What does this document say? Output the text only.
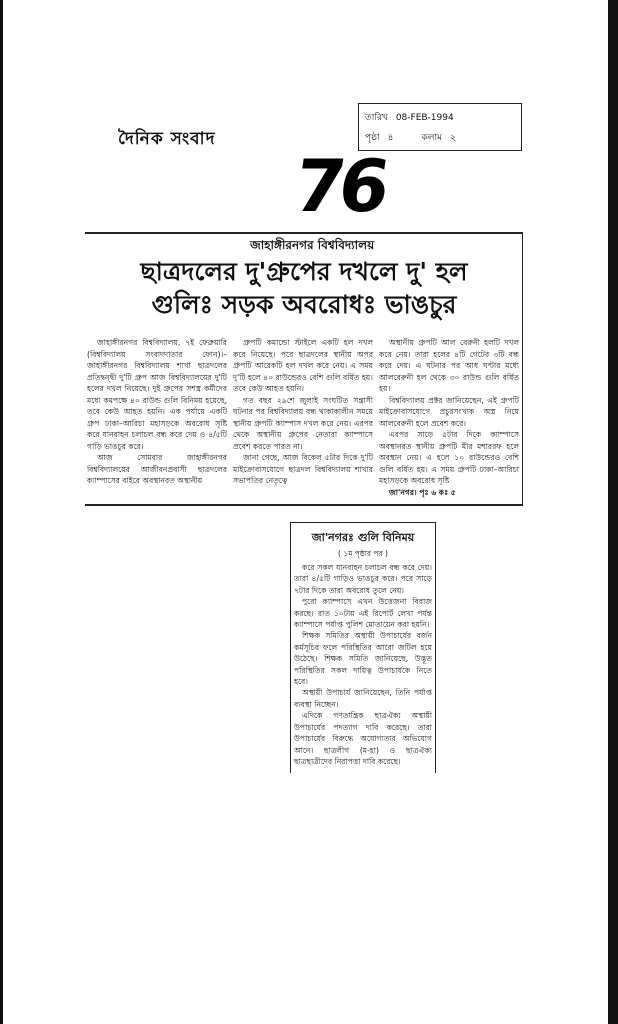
দৈনিক সংবাদ
তারিখ 08-FEB-1994
পৃষ্ঠা ৪	কলাম ২
76
জাহাঙ্গীরনগর বিশ্ববিদ্যালয়
ছাত্রদলের দু'গ্রুপের দখলে দু' হল
গুলিঃ সড়ক অবরোধঃ ভাঙচুর

জাহাঙ্গীরনগর বিশ্ববিদ্যালয়, ৭ই ফেব্রুয়ারি (বিশ্ববিদ্যালয় সংবাদদাতার ফোন)।– জাহাঙ্গীরনগর বিশ্ববিদ্যালয় শাখা ছাত্রদলের প্রতিদ্বন্দ্বী দু'টি গ্রুপ আজ বিশ্ববিদ্যালয়ের দু'টি হলের দখল নিয়েছে। দুই গ্রুপের সশস্ত্র কর্মীদের মধ্যে কমপক্ষে ৪০ রাউন্ড গুলি বিনিময় হয়েছে, তবে কেউ আহত হয়নি। এক পর্যায়ে একটি গ্রুপ ঢাকা–আরিচা মহাসড়কে অবরোধ সৃষ্টি করে যানবাহন চলাচল বন্ধ করে দেয় ও ৪/৫টি গাড়ি ভাঙচুর করে।

আজ সোমবার জাহাঙ্গীরনগর বিশ্ববিদ্যালয়ের আজীবনপ্রবাসী ছাত্রদলের ক্যাম্পাসের বাইরে অবস্থানরত অস্থানীয়

গ্রুপটি কমান্ডো স্টাইলে একটি হল দখল করে নিয়েছে। পরে ছাত্রদলের স্থানীয় অপর গ্রুপটি আরেকটি হল দখল করে নেয়। এ সময় দু'টি হলে ৪০ রাউন্ডেরও বেশি গুলি বর্ষিত হয়। তবে কেউ আহত হয়নি।

গত বছর ২৯শে জুলাই সংঘটিত সন্ত্রাসী ঘটনার পর বিশ্ববিদ্যালয় বন্ধ থাকাকালীন সময়ে স্থানীয় গ্রুপটি ক্যাম্পাস দখল করে নেয়। এরপর থেকে অস্থানীয় গ্রুপের নেতারা ক্যাম্পাসে প্রবেশ করতে পারত না।

জানা গেছে, আজ বিকেল ৫টার দিকে দু'টি মাইক্রোবাসযোগে ছাত্রদল বিশ্ববিদ্যালয় শাখার সভাপতির নেতৃত্বে

অস্থানীয় গ্রুপটি আল বেরুনী হলটি দখল করে নেয়। তারা হলের ৪টি গেটের ৩টি বন্ধ করে দেয়। এ ঘটনার পর আধ ঘণ্টার মধ্যে আলবেরুনী হল থেকে ৩০ রাউন্ড গুলি বর্ষিত হয়।

বিশ্ববিদ্যালয় প্রক্টর জানিয়েছেন, এই গ্রুপটি মাইক্রোবাসযোগে প্রচুরসংখ্যক অস্ত্র নিয়ে আলবেরুনী হলে প্রবেশ করে।

এরপর সাড়ে ৫টার দিকে ক্যাম্পাসে অবস্থানরত স্থানীয় গ্রুপটি মীর মশাররফ হলে অবস্থান নেয়। এ হলে ১০ রাউন্ডেরও বেশি গুলি বর্ষিত হয়। এ সময় গ্রুপটি ঢাকা–আরিচা মহাসড়কে অবরোধ সৃষ্টি

জা'নগর। পৃঃ ৬ কঃ ৫

জা'নগরঃ গুলি বিনিময়
( ১ম পৃষ্ঠার পর )

করে সকল যানবাহন চলাচল বন্ধ করে দেয়। তারা ৪/৫টি গাড়িও ভাঙচুর করে। পরে সাড়ে ৭টার দিকে তারা অবরোধ তুলে নেয়।

পুরো ক্যাম্পাসে এখন উত্তেজনা বিরাজ করছে। রাত ১০টায় এই রিপোর্ট লেখা পর্যন্ত ক্যাম্পাসে পর্যাপ্ত পুলিশ মোতায়েন করা হয়নি।

শিক্ষক সমিতির অস্থায়ী উপাচার্যের বর্জন কর্মসূচির ফলে পরিস্থিতির আরো জটিল হয়ে উঠেছে। শিক্ষক সমিতি জানিয়েছে, উদ্ভূত পরিস্থিতির সকল দায়িত্ব উপাচার্যকে নিতে হবে।

অস্থায়ী উপাচার্য জানিয়েছেন, তিনি পর্যাপ্ত ব্যবস্থা নিচ্ছেন।

এদিকে গণতান্ত্রিক ছাত্রঐক্য অস্থায়ী উপাচার্যের পদত্যাগ দাবি করেছে। তারা উপাচার্যের বিরুদ্ধে অযোগ্যতার অভিযোগ আনে। ছাত্রলীগ (ম-হা) ও ছাত্রঐক্য ছাত্রছাত্রীদের নিরাপত্তা দাবি করেছে।
